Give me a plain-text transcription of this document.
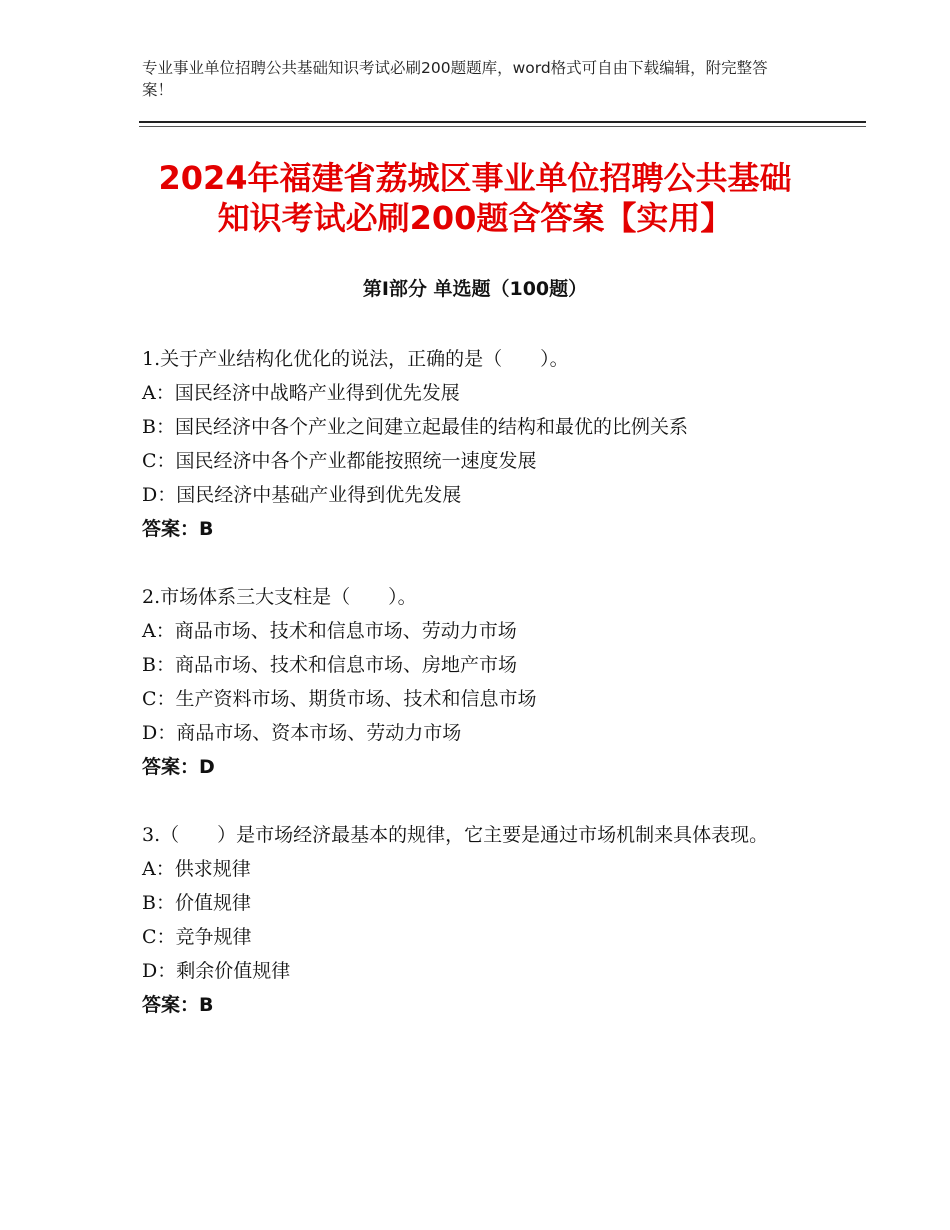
专业事业单位招聘公共基础知识考试必刷200题题库，word格式可自由下载编辑，附完整答案！
2024年福建省荔城区事业单位招聘公共基础
知识考试必刷200题含答案【实用】
第Ⅰ部分 单选题（100题）
1.关于产业结构化优化的说法，正确的是（　　）。
A：国民经济中战略产业得到优先发展
B：国民经济中各个产业之间建立起最佳的结构和最优的比例关系
C：国民经济中各个产业都能按照统一速度发展
D：国民经济中基础产业得到优先发展
答案：B
2.市场体系三大支柱是（　　）。
A：商品市场、技术和信息市场、劳动力市场
B：商品市场、技术和信息市场、房地产市场
C：生产资料市场、期货市场、技术和信息市场
D：商品市场、资本市场、劳动力市场
答案：D
3.（　　）是市场经济最基本的规律，它主要是通过市场机制来具体表现。
A：供求规律
B：价值规律
C：竞争规律
D：剩余价值规律
答案：B
